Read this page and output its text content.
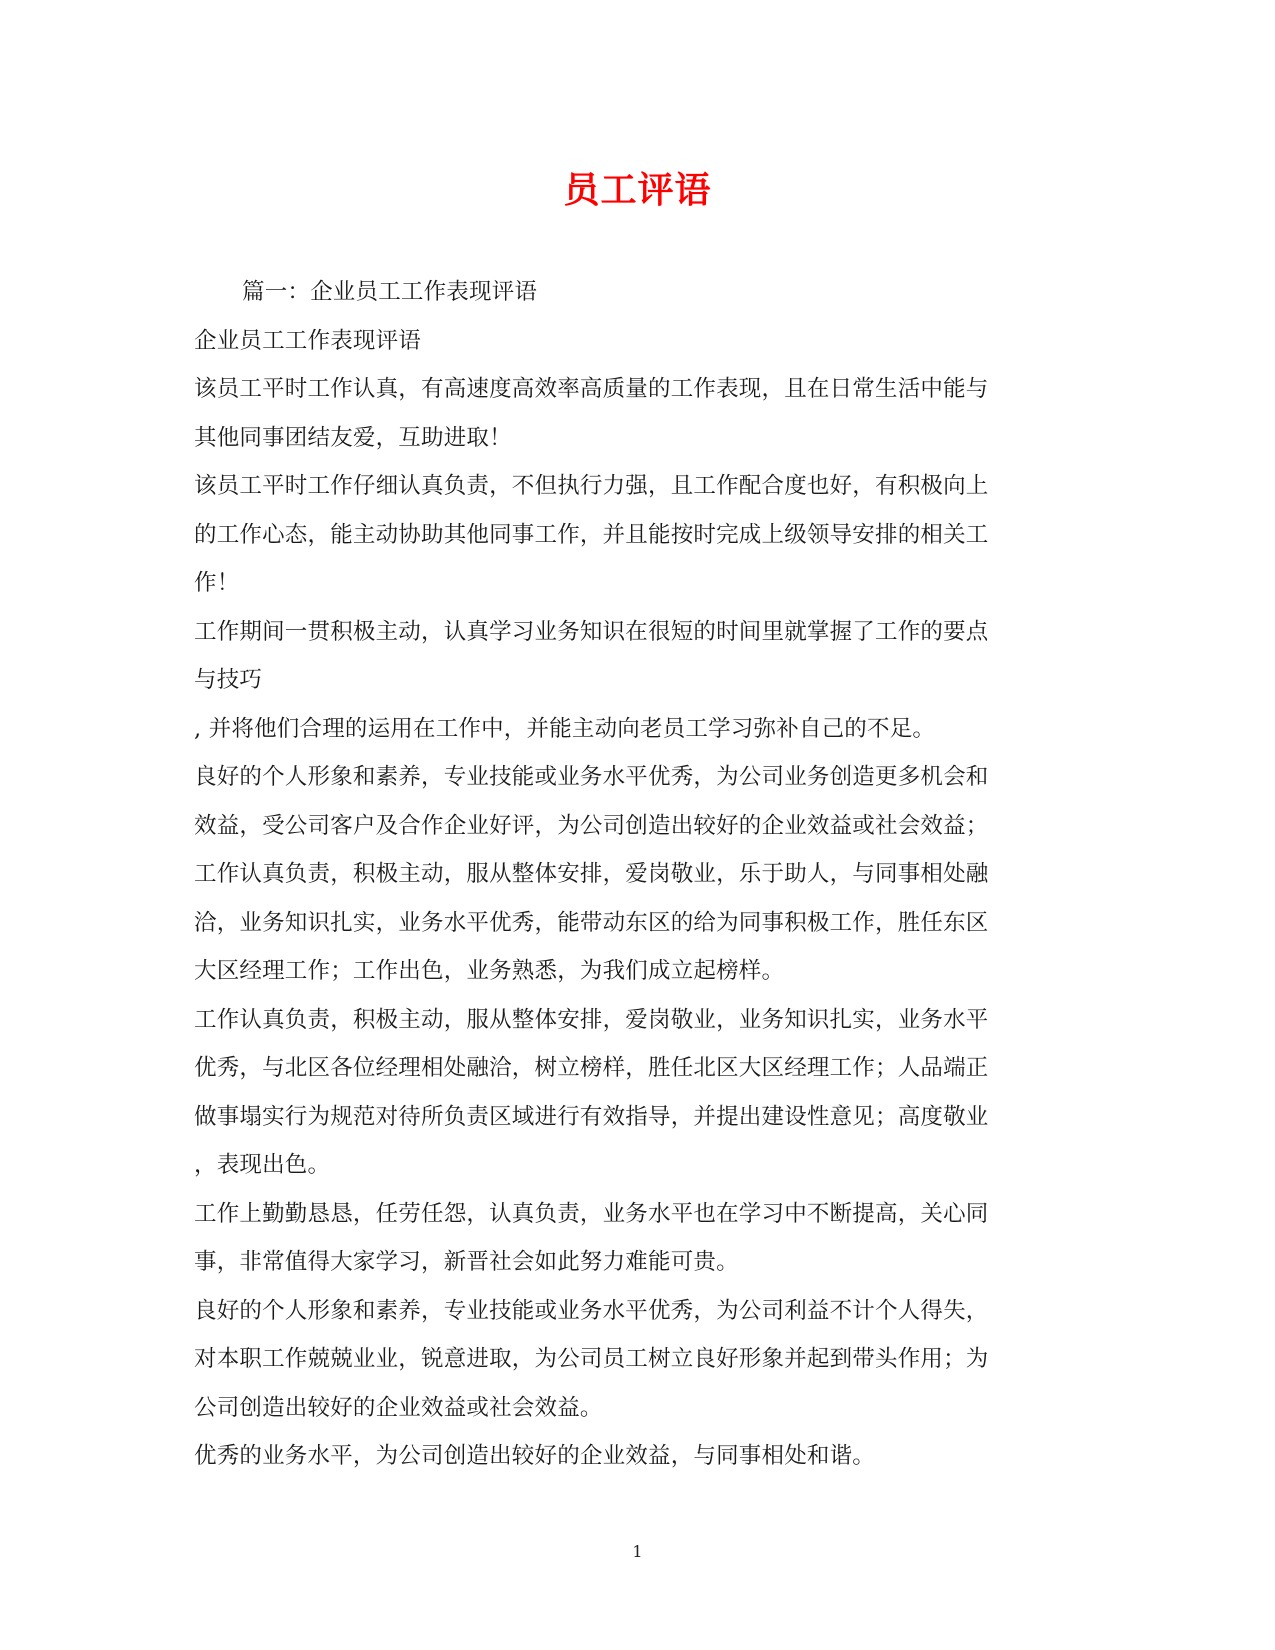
员工评语
篇一：企业员工工作表现评语
企业员工工作表现评语
该员工平时工作认真，有高速度高效率高质量的工作表现，且在日常生活中能与
其他同事团结友爱，互助进取！
该员工平时工作仔细认真负责，不但执行力强，且工作配合度也好，有积极向上
的工作心态，能主动协助其他同事工作，并且能按时完成上级领导安排的相关工
作！
工作期间一贯积极主动，认真学习业务知识在很短的时间里就掌握了工作的要点
与技巧
, 并将他们合理的运用在工作中，并能主动向老员工学习弥补自己的不足。
良好的个人形象和素养，专业技能或业务水平优秀，为公司业务创造更多机会和
效益，受公司客户及合作企业好评，为公司创造出较好的企业效益或社会效益；
工作认真负责，积极主动，服从整体安排，爱岗敬业，乐于助人，与同事相处融
洽，业务知识扎实，业务水平优秀，能带动东区的给为同事积极工作，胜任东区
大区经理工作；工作出色，业务熟悉，为我们成立起榜样。
工作认真负责，积极主动，服从整体安排，爱岗敬业，业务知识扎实，业务水平
优秀，与北区各位经理相处融洽，树立榜样，胜任北区大区经理工作；人品端正
做事塌实行为规范对待所负责区域进行有效指导，并提出建设性意见；高度敬业
，表现出色。
工作上勤勤恳恳，任劳任怨，认真负责，业务水平也在学习中不断提高，关心同
事，非常值得大家学习，新晋社会如此努力难能可贵。
良好的个人形象和素养，专业技能或业务水平优秀，为公司利益不计个人得失，
对本职工作兢兢业业，锐意进取，为公司员工树立良好形象并起到带头作用；为
公司创造出较好的企业效益或社会效益。
优秀的业务水平，为公司创造出较好的企业效益，与同事相处和谐。
1
